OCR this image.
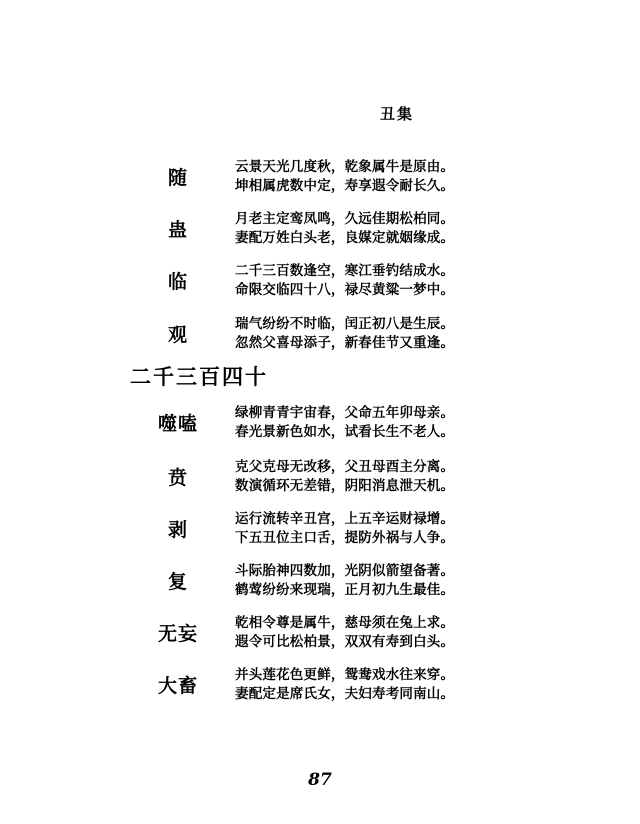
丑集
随	云景天光几度秋，乾象属牛是原由。
坤相属虎数中定，寿享遐令耐长久。
蛊	月老主定鸾凤鸣，久远佳期松柏同。
妻配万姓白头老，良媒定就姻缘成。
临	二千三百数逢空，寒江垂钓结成水。
命限交临四十八，禄尽黄粱一梦中。
观	瑞气纷纷不时临，闰正初八是生辰。
忽然父喜母添子，新春佳节又重逢。
二千三百四十
噬嗑	绿柳青青宇宙春，父命五年卯母亲。
春光景新色如水，试看长生不老人。
贲	克父克母无改移，父丑母酉主分离。
数演循环无差错，阴阳消息泄天机。
剥	运行流转辛丑宫，上五辛运财禄增。
下五丑位主口舌，提防外祸与人争。
复	斗际胎神四数加，光阴似箭望备著。
鹤莺纷纷来现瑞，正月初九生最佳。
无妄	乾相令尊是属牛，慈母须在兔上求。
遐令可比松柏景，双双有寿到白头。
大畜	并头莲花色更鲜，鸳鸯戏水往来穿。
妻配定是席氏女，夫妇寿考同南山。
87
